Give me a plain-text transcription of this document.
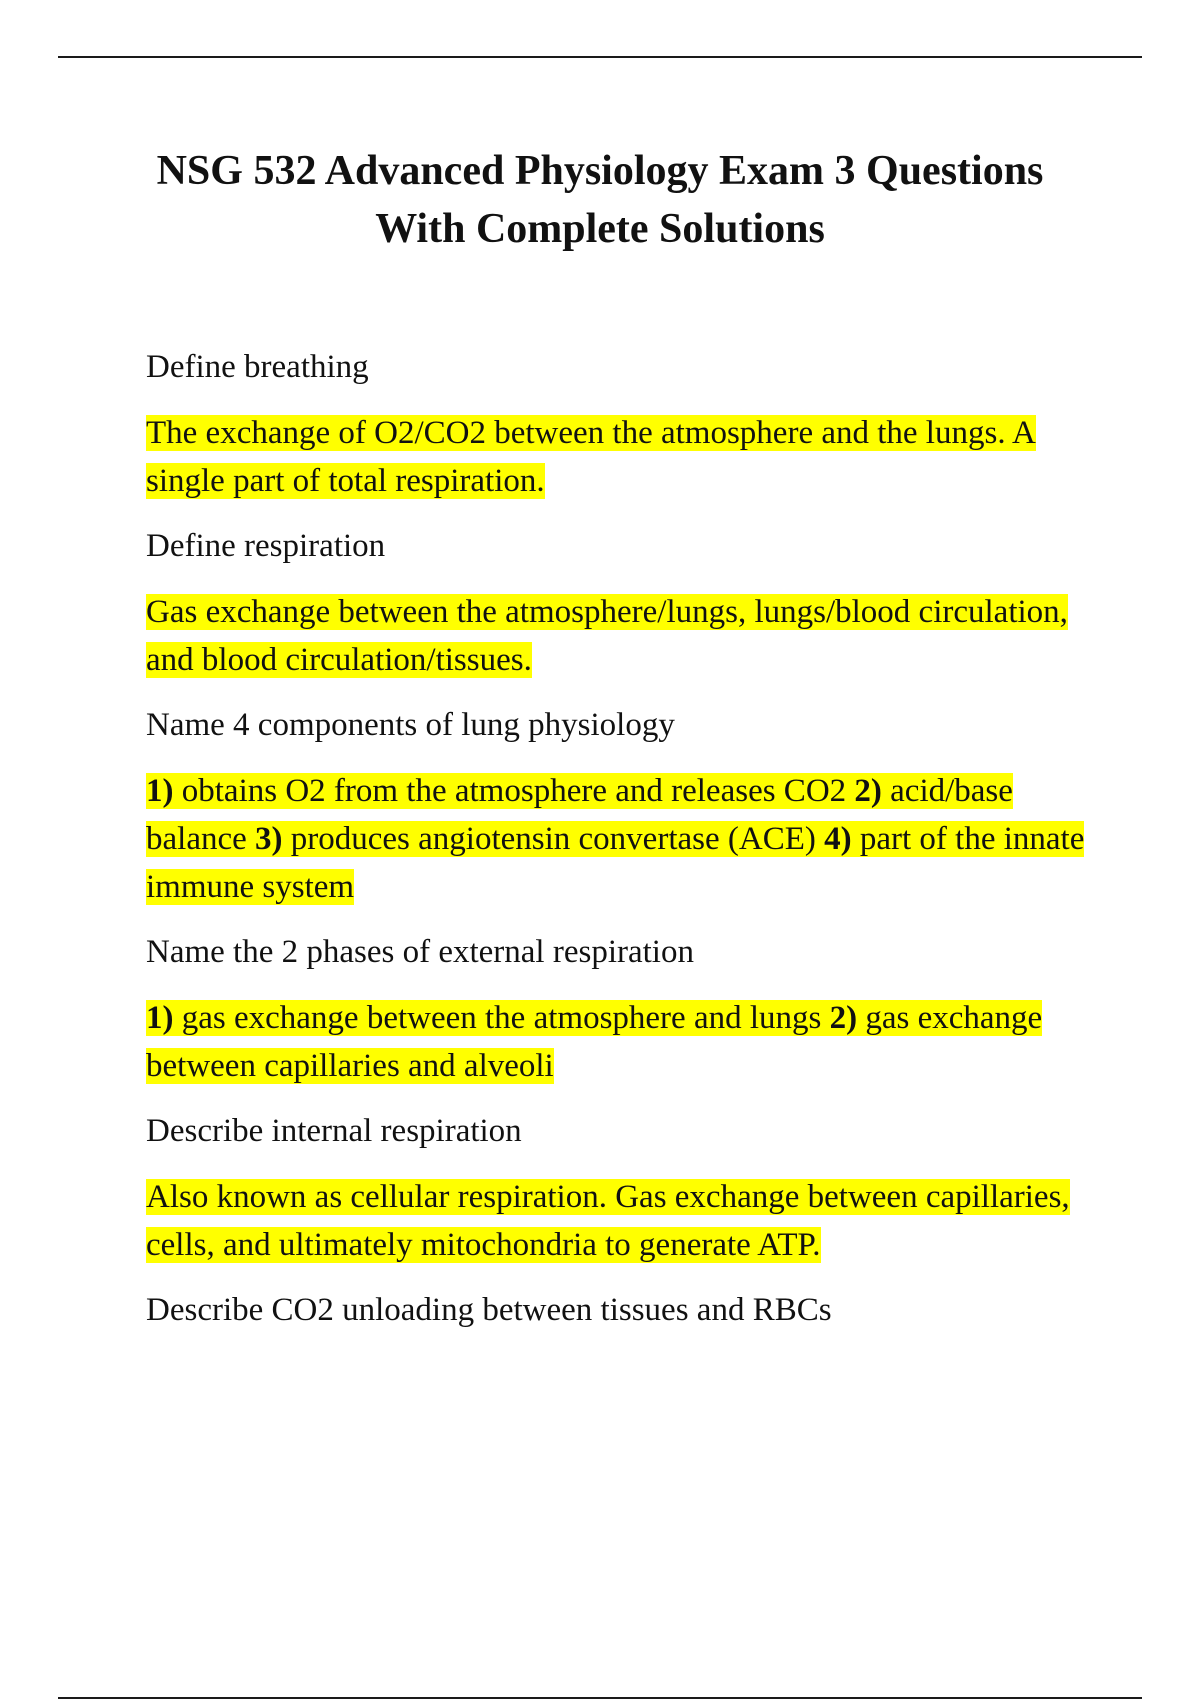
NSG 532 Advanced Physiology Exam 3 Questions
With Complete Solutions

Define breathing

The exchange of O2/CO2 between the atmosphere and the lungs. A single part of total respiration.

Define respiration

Gas exchange between the atmosphere/lungs, lungs/blood circulation, and blood circulation/tissues.

Name 4 components of lung physiology

1) obtains O2 from the atmosphere and releases CO2 2) acid/base balance 3) produces angiotensin convertase (ACE) 4) part of the innate immune system

Name the 2 phases of external respiration

1) gas exchange between the atmosphere and lungs 2) gas exchange between capillaries and alveoli

Describe internal respiration

Also known as cellular respiration. Gas exchange between capillaries, cells, and ultimately mitochondria to generate ATP.

Describe CO2 unloading between tissues and RBCs
